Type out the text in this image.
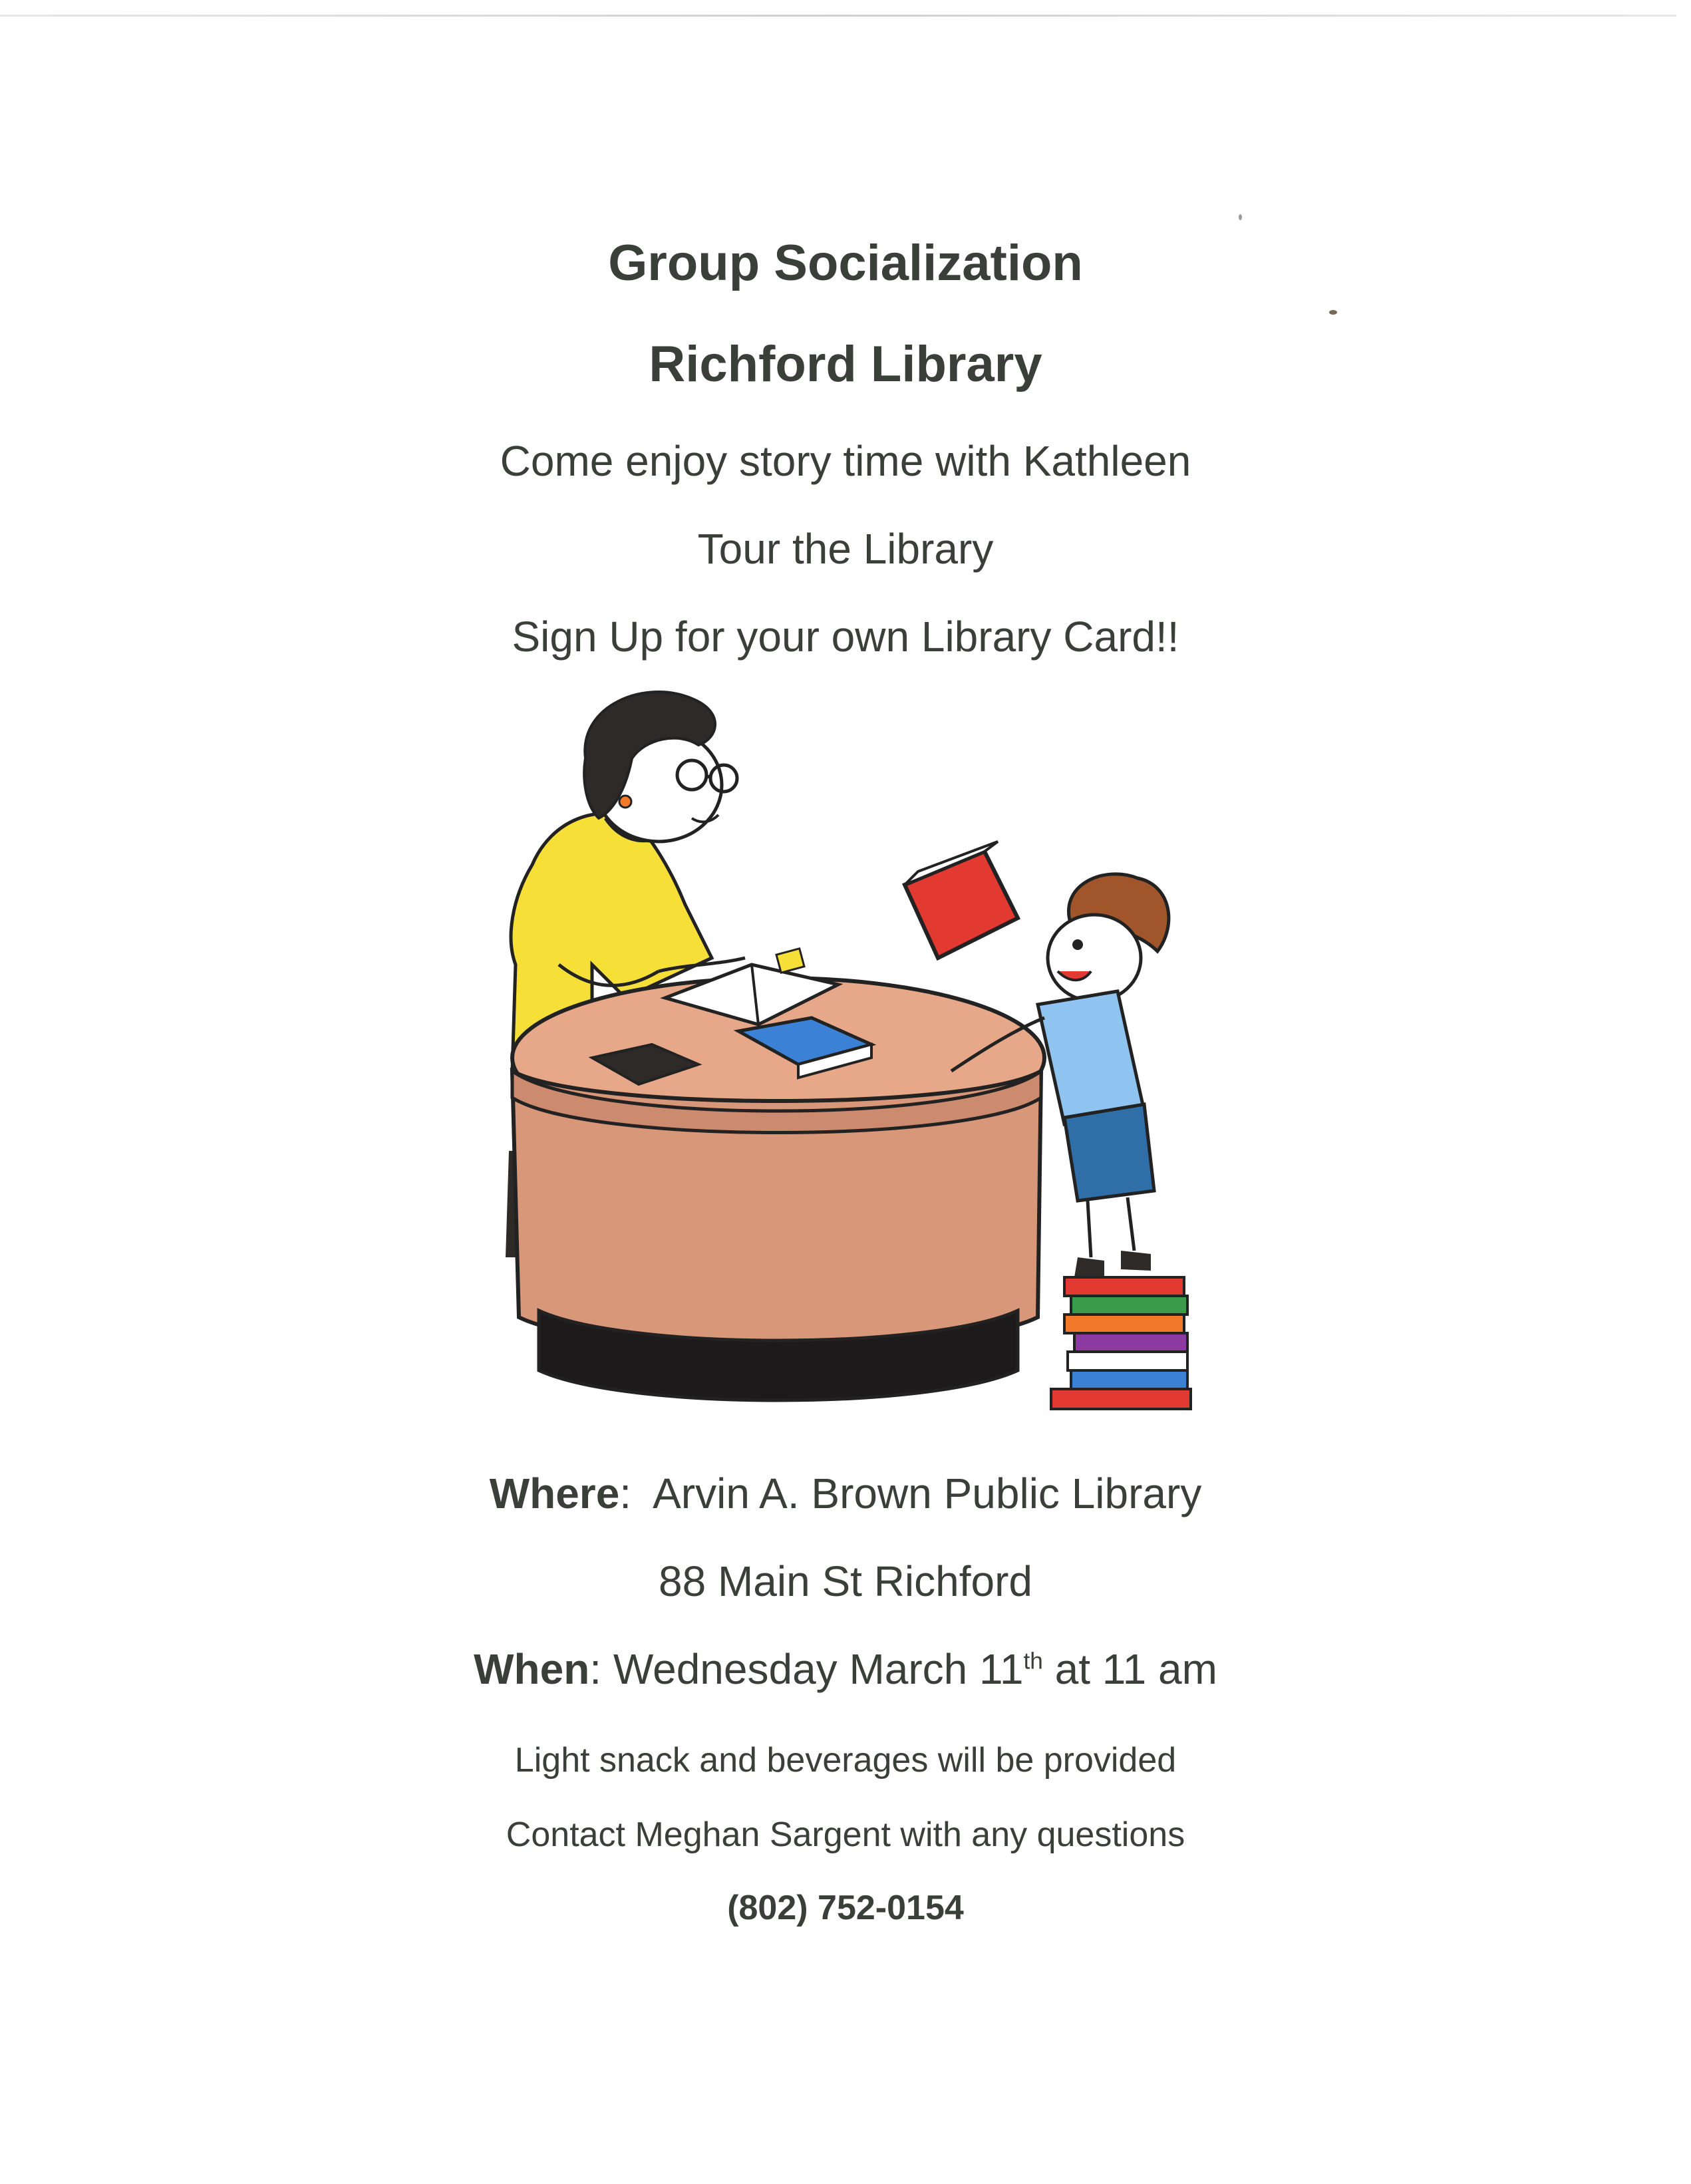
Group Socialization

Richford Library

Come enjoy story time with Kathleen

Tour the Library

Sign Up for your own Library Card!!

Where:  Arvin A. Brown Public Library

88 Main St Richford

When: Wednesday March 11th at 11 am

Light snack and beverages will be provided

Contact Meghan Sargent with any questions

(802) 752-0154
